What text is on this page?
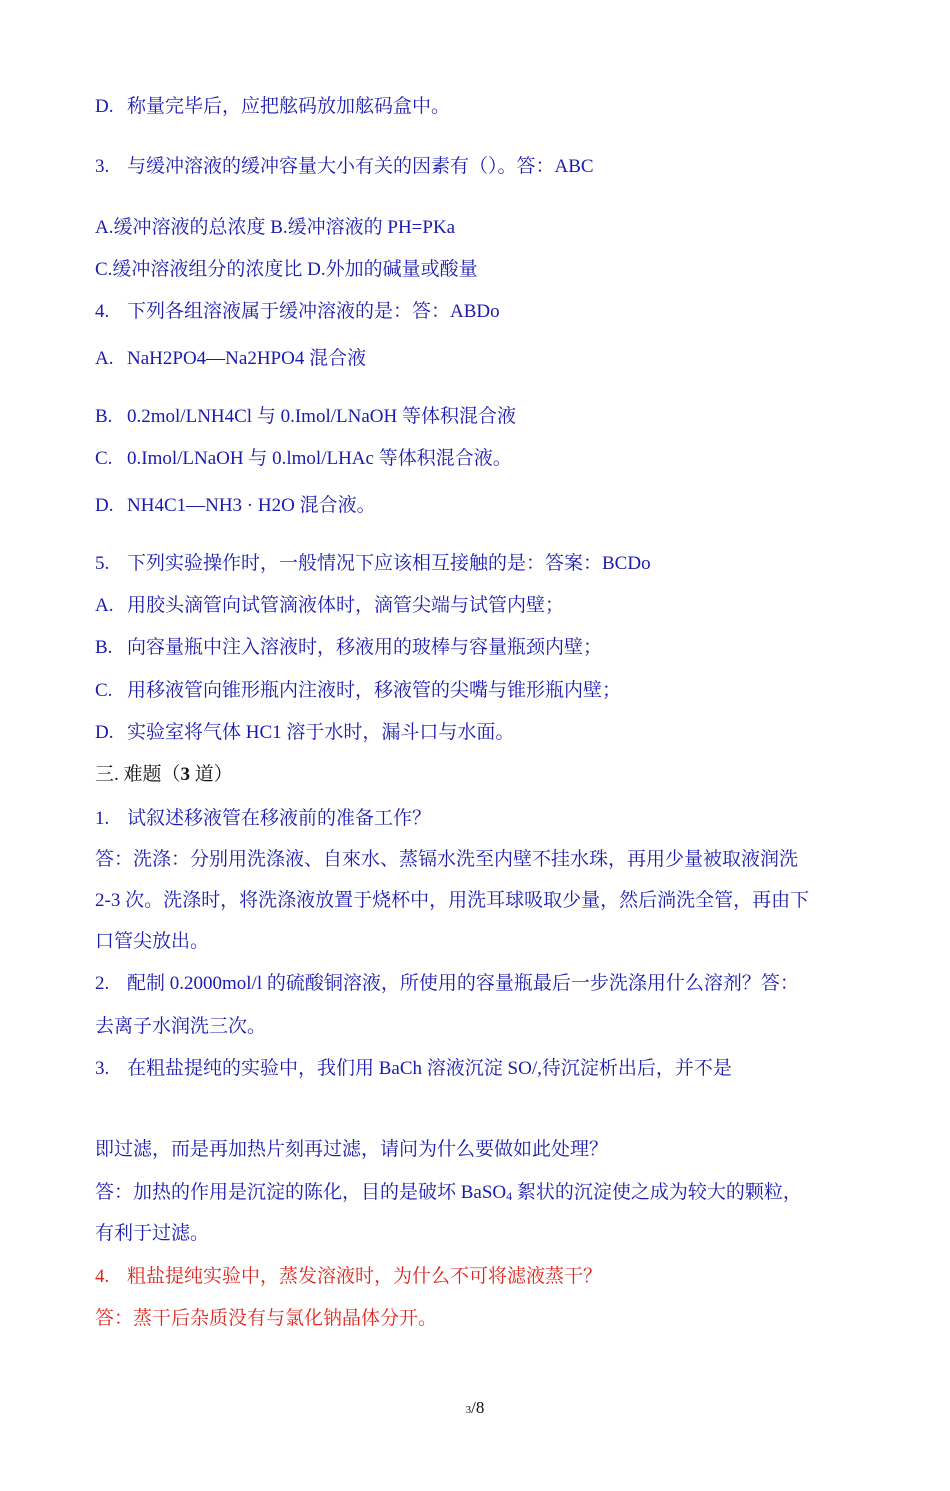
D. 称量完毕后，应把舷码放加舷码盒中。
3. 与缓冲溶液的缓冲容量大小有关的因素有（）。答：ABC
A.缓冲溶液的总浓度 B.缓冲溶液的 PH=PKa
C.缓冲溶液组分的浓度比 D.外加的碱量或酸量
4. 下列各组溶液属于缓冲溶液的是：答：ABDo
A. NaH2PO4—Na2HPO4 混合液
B. 0.2mol/LNH4Cl 与 0.Imol/LNaOH 等体积混合液
C. 0.Imol/LNaOH 与 0.lmol/LHAc 等体积混合液。
D. NH4C1—NH3 · H2O 混合液。
5. 下列实验操作时，一般情况下应该相互接触的是：答案：BCDo
A. 用胶头滴管向试管滴液体时，滴管尖端与试管内壁；
B. 向容量瓶中注入溶液时，移液用的玻棒与容量瓶颈内壁；
C. 用移液管向锥形瓶内注液时，移液管的尖嘴与锥形瓶内壁；
D. 实验室将气体 HC1 溶于水时，漏斗口与水面。
三. 难题（3 道）
1. 试叙述移液管在移液前的准备工作？
答：洗涤：分别用洗涤液、自來水、蒸镉水洗至内壁不挂水珠，再用少量被取液润洗
2-3 次。洗涤时，将洗涤液放置于烧杯中，用洗耳球吸取少量，然后淌洗全管，再由下
口管尖放出。
2. 配制 0.2000mol/l 的硫酸铜溶液，所使用的容量瓶最后一步洗涤用什么溶剂？答：
去离子水润洗三次。
3. 在粗盐提纯的实验中，我们用 BaCh 溶液沉淀 SO/,待沉淀析出后，并不是
即过滤，而是再加热片刻再过滤，请问为什么要做如此处理？
答：加热的作用是沉淀的陈化，目的是破坏 BaSO$_4$ 絮状的沉淀使之成为较大的颗粒，
有利于过滤。
4. 粗盐提纯实验中，蒸发溶液时，为什么不可将滤液蒸干？
答：蒸干后杂质没有与氯化钠晶体分开。
3/8
